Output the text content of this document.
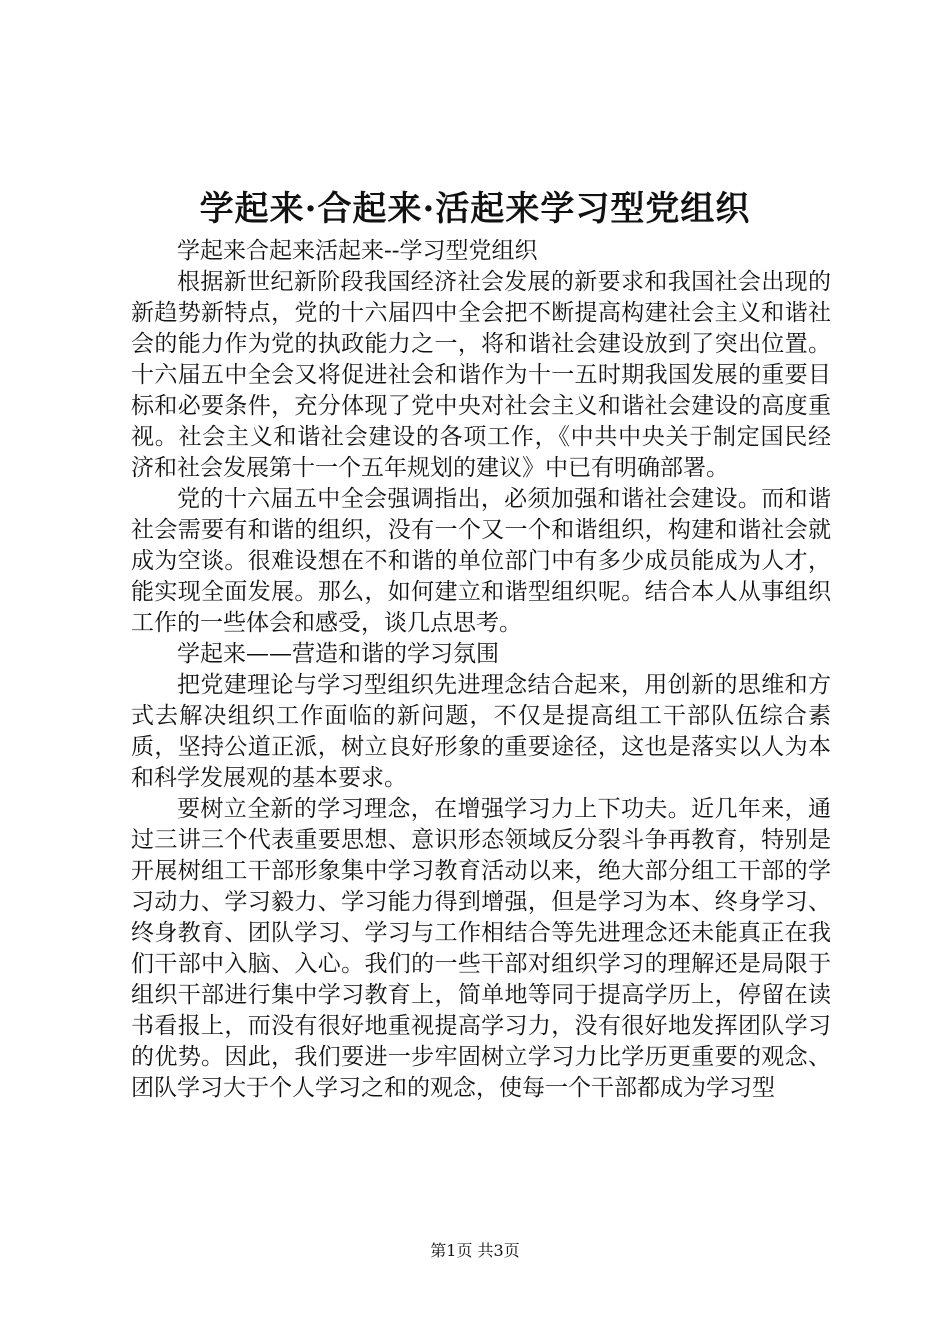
学起来·合起来·活起来学习型党组织

学起来合起来活起来--学习型党组织

根据新世纪新阶段我国经济社会发展的新要求和我国社会出现的新趋势新特点，党的十六届四中全会把不断提高构建社会主义和谐社会的能力作为党的执政能力之一，将和谐社会建设放到了突出位置。十六届五中全会又将促进社会和谐作为十一五时期我国发展的重要目标和必要条件，充分体现了党中央对社会主义和谐社会建设的高度重视。社会主义和谐社会建设的各项工作，《中共中央关于制定国民经济和社会发展第十一个五年规划的建议》中已有明确部署。

党的十六届五中全会强调指出，必须加强和谐社会建设。而和谐社会需要有和谐的组织，没有一个又一个和谐组织，构建和谐社会就成为空谈。很难设想在不和谐的单位部门中有多少成员能成为人才，能实现全面发展。那么，如何建立和谐型组织呢。结合本人从事组织工作的一些体会和感受，谈几点思考。

学起来——营造和谐的学习氛围

把党建理论与学习型组织先进理念结合起来，用创新的思维和方式去解决组织工作面临的新问题，不仅是提高组工干部队伍综合素质，坚持公道正派，树立良好形象的重要途径，这也是落实以人为本和科学发展观的基本要求。

要树立全新的学习理念，在增强学习力上下功夫。近几年来，通过三讲三个代表重要思想、意识形态领域反分裂斗争再教育，特别是开展树组工干部形象集中学习教育活动以来，绝大部分组工干部的学习动力、学习毅力、学习能力得到增强，但是学习为本、终身学习、终身教育、团队学习、学习与工作相结合等先进理念还未能真正在我们干部中入脑、入心。我们的一些干部对组织学习的理解还是局限于组织干部进行集中学习教育上，简单地等同于提高学历上，停留在读书看报上，而没有很好地重视提高学习力，没有很好地发挥团队学习的优势。因此，我们要进一步牢固树立学习力比学历更重要的观念、团队学习大于个人学习之和的观念，使每一个干部都成为学习型

第1页 共3页
